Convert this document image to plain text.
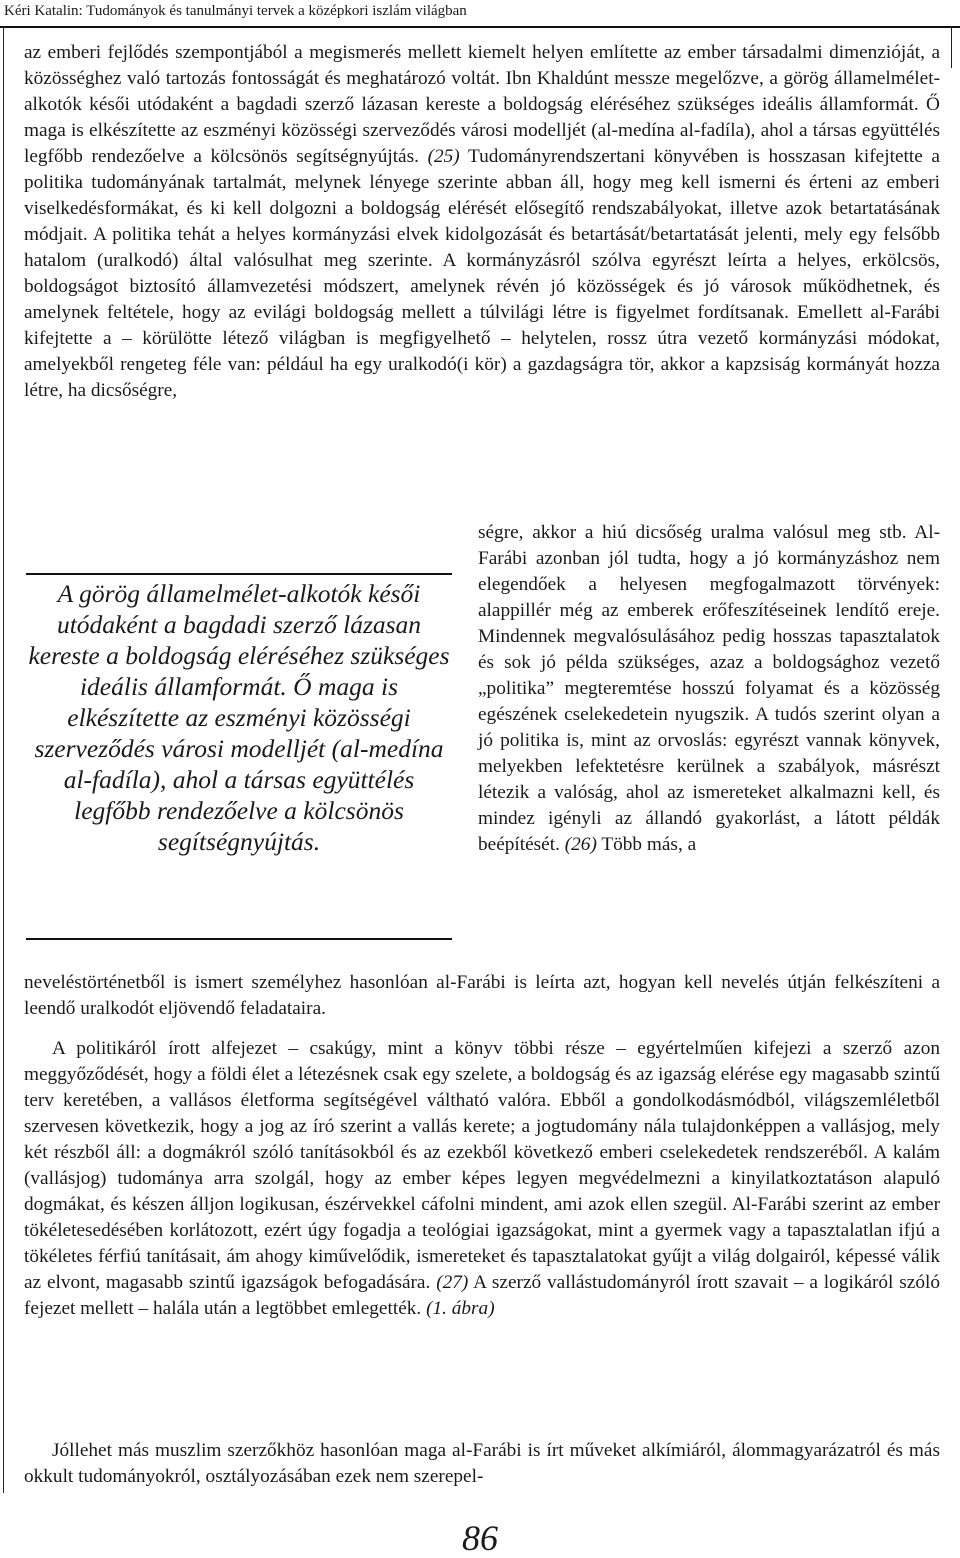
Kéri Katalin: Tudományok és tanulmányi tervek a középkori iszlám világban

az emberi fejlődés szempontjából a megismerés mellett kiemelt helyen említette az ember társadalmi dimenzióját, a közösséghez való tartozás fontosságát és meghatározó voltát. Ibn Khaldúnt messze megelőzve, a görög államelmélet-alkotók késői utódaként a bagdadi szerző lázasan kereste a boldogság eléréséhez szükséges ideális államformát. Ő maga is elkészítette az eszményi közösségi szerveződés városi modelljét (al-medína al-fadíla), ahol a társas együttélés legfőbb rendezőelve a kölcsönös segítségnyújtás. (25) Tudományrendszertani könyvében is hosszasan kifejtette a politika tudományának tartalmát, melynek lényege szerinte abban áll, hogy meg kell ismerni és érteni az emberi viselkedésformákat, és ki kell dolgozni a boldogság elérését elősegítő rendszabályokat, illetve azok betartatásának módjait. A politika tehát a helyes kormányzási elvek kidolgozását és betartását/betartatását jelenti, mely egy felsőbb hatalom (uralkodó) által valósulhat meg szerinte. A kormányzásról szólva egyrészt leírta a helyes, erkölcsös, boldogságot biztosító államvezetési módszert, amelynek révén jó közösségek és jó városok működhetnek, és amelynek feltétele, hogy az evilági boldogság mellett a túlvilági létre is figyelmet fordítsanak. Emellett al-Farábi kifejtette a – körülötte létező világban is megfigyelhető – helytelen, rossz útra vezető kormányzási módokat, amelyekből rengeteg féle van: például ha egy uralkodó(i kör) a gazdagságra tör, akkor a kapzsiság kormányát hozza létre, ha dicsőségre,

A görög államelmélet-alkotók késői utódaként a bagdadi szerző lázasan kereste a boldogság eléréséhez szükséges ideális államformát. Ő maga is elkészítette az eszményi közösségi szerveződés városi modelljét (al-medína al-fadíla), ahol a társas együttélés legfőbb rendezőelve a kölcsönös segítségnyújtás.

ségre, akkor a hiú dicsőség uralma valósul meg stb. Al-Farábi azonban jól tudta, hogy a jó kormányzáshoz nem elegendőek a helyesen megfogalmazott törvények: alappillér még az emberek erőfeszítéseinek lendítő ereje. Mindennek megvalósulásához pedig hosszas tapasztalatok és sok jó példa szükséges, azaz a boldogsághoz vezető „politika” megteremtése hosszú folyamat és a közösség egészének cselekedetein nyugszik. A tudós szerint olyan a jó politika is, mint az orvoslás: egyrészt vannak könyvek, melyekben lefektetésre kerülnek a szabályok, másrészt létezik a valóság, ahol az ismereteket alkalmazni kell, és mindez igényli az állandó gyakorlást, a látott példák beépítését. (26) Több más, a

neveléstörténetből is ismert személyhez hasonlóan al-Farábi is leírta azt, hogyan kell nevelés útján felkészíteni a leendő uralkodót eljövendő feladataira.

A politikáról írott alfejezet – csakúgy, mint a könyv többi része – egyértelműen kifejezi a szerző azon meggyőződését, hogy a földi élet a létezésnek csak egy szelete, a boldogság és az igazság elérése egy magasabb szintű terv keretében, a vallásos életforma segítségével váltható valóra. Ebből a gondolkodásmódból, világszemléletből szervesen következik, hogy a jog az író szerint a vallás kerete; a jogtudomány nála tulajdonképpen a vallásjog, mely két részből áll: a dogmákról szóló tanításokból és az ezekből következő emberi cselekedetek rendszeréből. A kalám (vallásjog) tudománya arra szolgál, hogy az ember képes legyen megvédelmezni a kinyilatkoztatáson alapuló dogmákat, és készen álljon logikusan, észérvekkel cáfolni mindent, ami azok ellen szegül. Al-Farábi szerint az ember tökéletesedésében korlátozott, ezért úgy fogadja a teológiai igazságokat, mint a gyermek vagy a tapasztalatlan ifjú a tökéletes férfiú tanításait, ám ahogy kiművelődik, ismereteket és tapasztalatokat gyűjt a világ dolgairól, képessé válik az elvont, magasabb szintű igazságok befogadására. (27) A szerző vallástudományról írott szavait – a logikáról szóló fejezet mellett – halála után a legtöbbet emlegették. (1. ábra)

Jóllehet más muszlim szerzőkhöz hasonlóan maga al-Farábi is írt műveket alkímiáról, álommagyarázatról és más okkult tudományokról, osztályozásában ezek nem szerepel-

86
